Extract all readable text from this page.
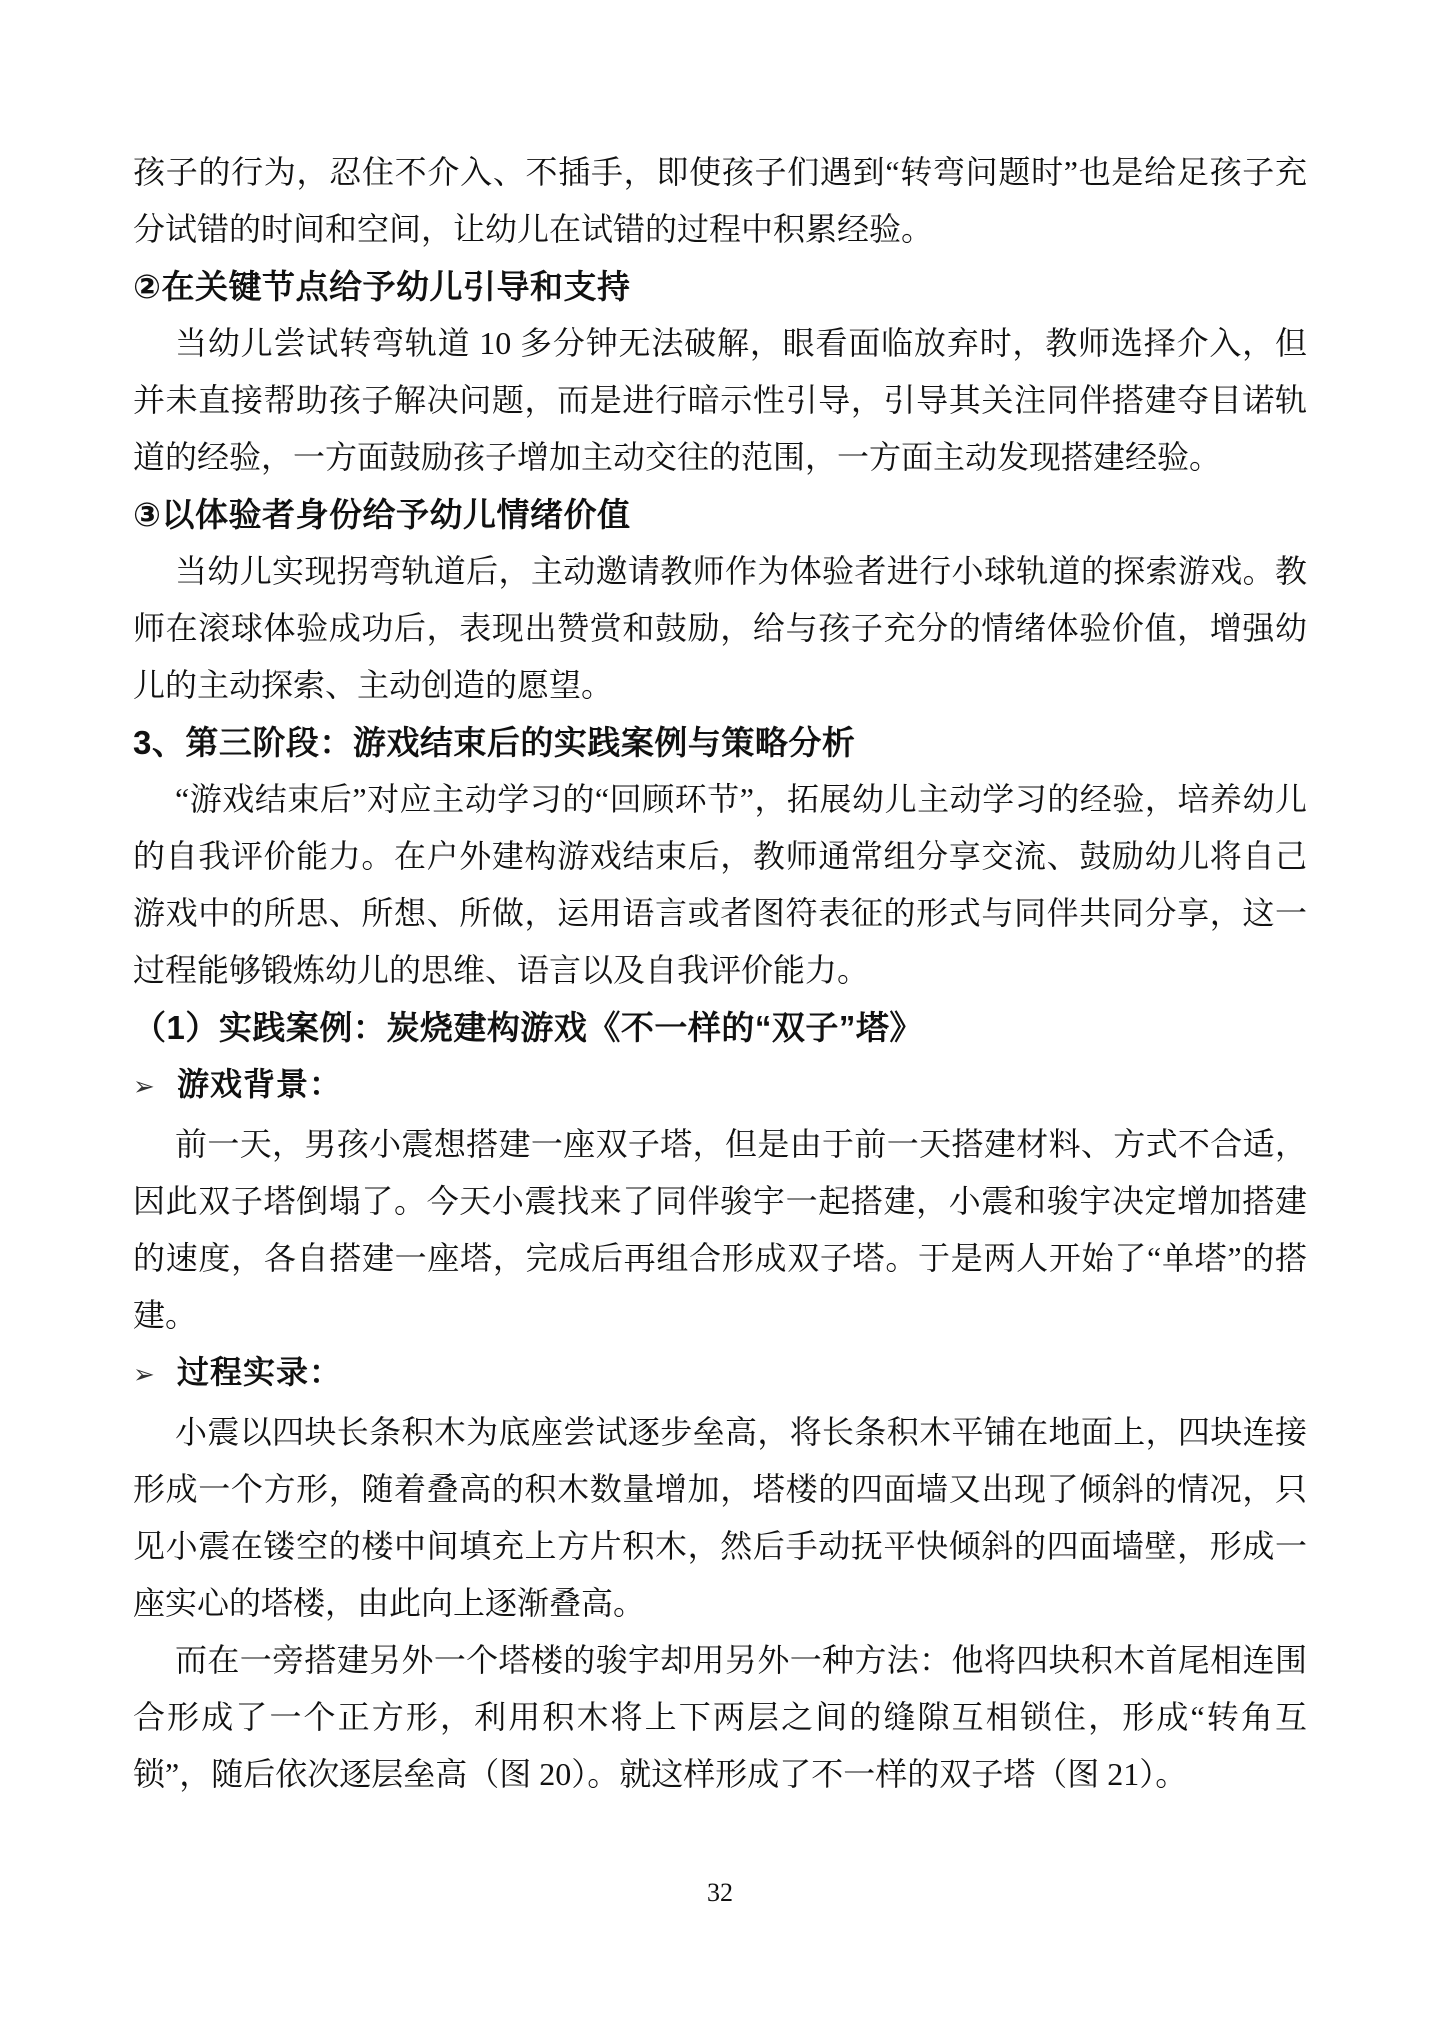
孩子的行为，忍住不介入、不插手，即使孩子们遇到“转弯问题时”也是给足孩子充分试错的时间和空间，让幼儿在试错的过程中积累经验。

②在关键节点给予幼儿引导和支持

当幼儿尝试转弯轨道 10 多分钟无法破解，眼看面临放弃时，教师选择介入，但并未直接帮助孩子解决问题，而是进行暗示性引导，引导其关注同伴搭建夺目诺轨道的经验，一方面鼓励孩子增加主动交往的范围，一方面主动发现搭建经验。

③以体验者身份给予幼儿情绪价值

当幼儿实现拐弯轨道后，主动邀请教师作为体验者进行小球轨道的探索游戏。教师在滚球体验成功后，表现出赞赏和鼓励，给与孩子充分的情绪体验价值，增强幼儿的主动探索、主动创造的愿望。

3、第三阶段：游戏结束后的实践案例与策略分析

“游戏结束后”对应主动学习的“回顾环节”，拓展幼儿主动学习的经验，培养幼儿的自我评价能力。在户外建构游戏结束后，教师通常组分享交流、鼓励幼儿将自己游戏中的所思、所想、所做，运用语言或者图符表征的形式与同伴共同分享，这一过程能够锻炼幼儿的思维、语言以及自我评价能力。

（1）实践案例：炭烧建构游戏《不一样的“双子”塔》
➢ 游戏背景：

前一天，男孩小震想搭建一座双子塔，但是由于前一天搭建材料、方式不合适，因此双子塔倒塌了。今天小震找来了同伴骏宇一起搭建，小震和骏宇决定增加搭建的速度，各自搭建一座塔，完成后再组合形成双子塔。于是两人开始了“单塔”的搭建。

➢ 过程实录：

小震以四块长条积木为底座尝试逐步垒高，将长条积木平铺在地面上，四块连接形成一个方形，随着叠高的积木数量增加，塔楼的四面墙又出现了倾斜的情况，只见小震在镂空的楼中间填充上方片积木，然后手动抚平快倾斜的四面墙壁，形成一座实心的塔楼，由此向上逐渐叠高。

而在一旁搭建另外一个塔楼的骏宇却用另外一种方法：他将四块积木首尾相连围合形成了一个正方形，利用积木将上下两层之间的缝隙互相锁住，形成“转角互锁”，随后依次逐层垒高（图 20）。就这样形成了不一样的双子塔（图 21）。

32
